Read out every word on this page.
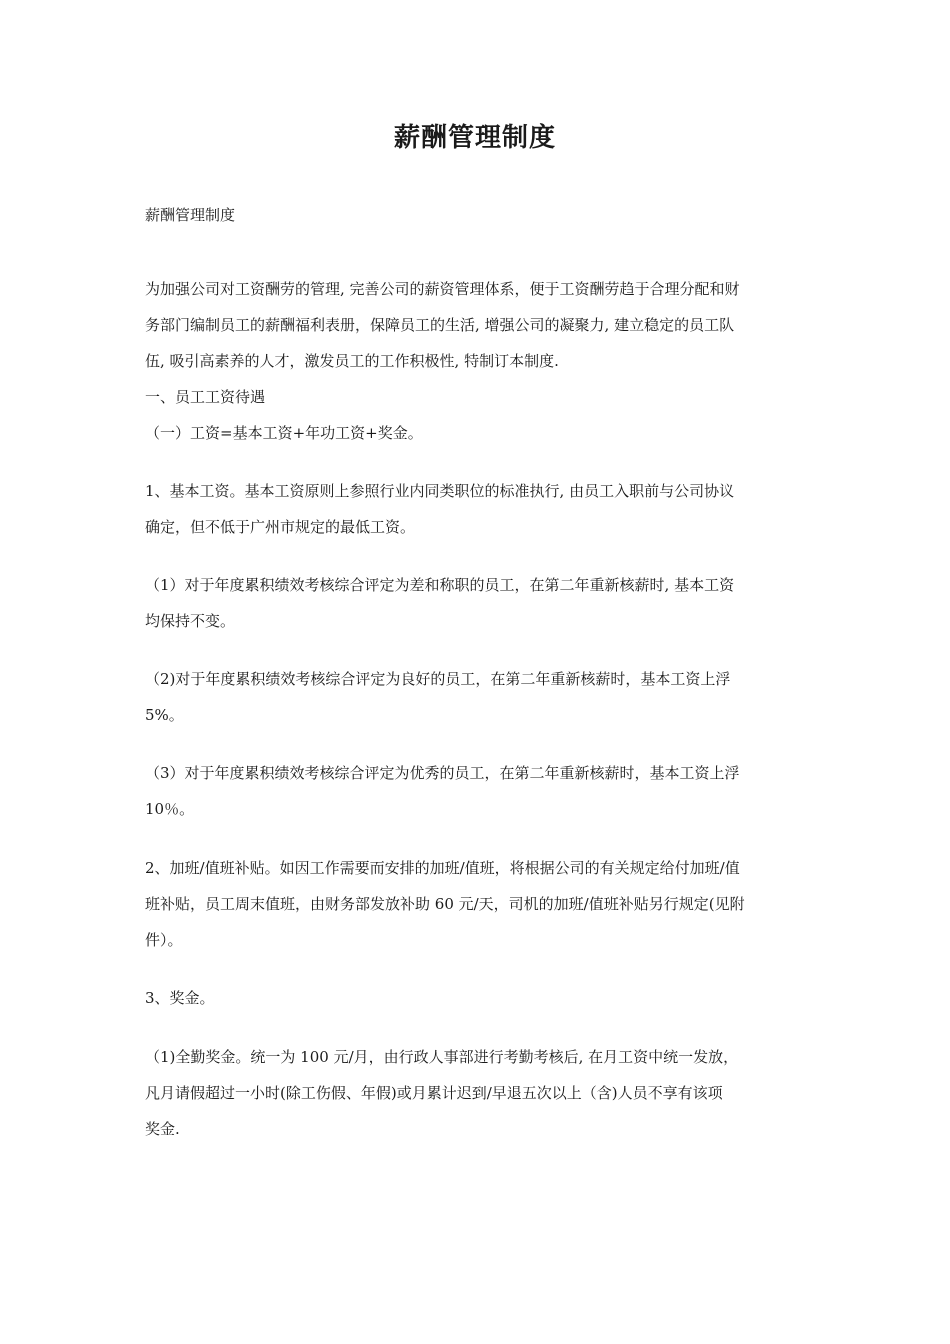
薪酬管理制度
薪酬管理制度
为加强公司对工资酬劳的管理, 完善公司的薪资管理体系，便于工资酬劳趋于合理分配和财
务部门编制员工的薪酬福利表册，保障员工的生活, 增强公司的凝聚力, 建立稳定的员工队
伍, 吸引高素养的人才，激发员工的工作积极性, 特制订本制度.
一、员工工资待遇
（一）工资=基本工资+年功工资+奖金。
1、基本工资。基本工资原则上参照行业内同类职位的标准执行, 由员工入职前与公司协议
确定，但不低于广州市规定的最低工资。
（1）对于年度累积绩效考核综合评定为差和称职的员工，在第二年重新核薪时, 基本工资
均保持不变。
（2)对于年度累积绩效考核综合评定为良好的员工，在第二年重新核薪时，基本工资上浮
5%。
（3）对于年度累积绩效考核综合评定为优秀的员工，在第二年重新核薪时，基本工资上浮
10％。
2、加班/值班补贴。如因工作需要而安排的加班/值班，将根据公司的有关规定给付加班/值
班补贴，员工周末值班，由财务部发放补助 60 元/天，司机的加班/值班补贴另行规定(见附
件）。
3、奖金。
（1)全勤奖金。统一为 100 元/月，由行政人事部进行考勤考核后, 在月工资中统一发放，
凡月请假超过一小时(除工伤假、年假)或月累计迟到/早退五次以上（含)人员不享有该项
奖金.
